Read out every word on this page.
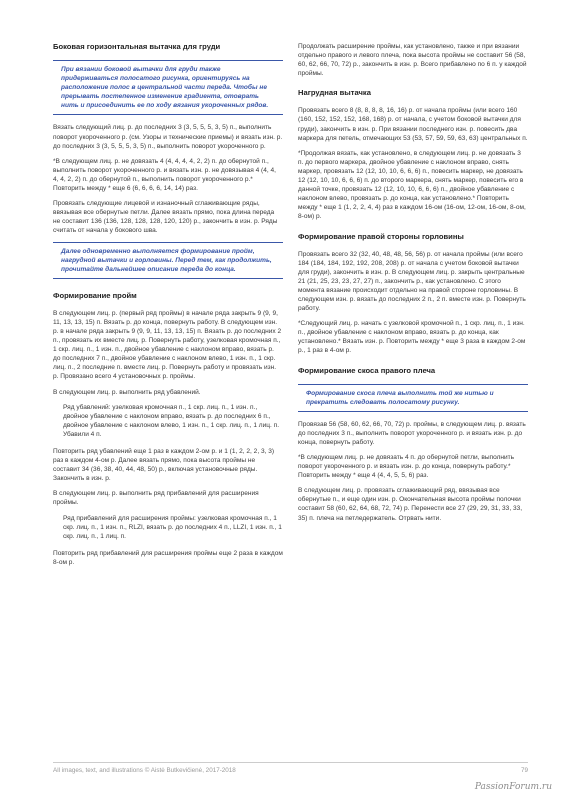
Боковая горизонтальная вытачка для груди

При вязании боковой вытачки для груди также придерживаться полосатого рисунка, ориентируясь на расположение полос в центральной части переда. Чтобы не прерывать постепенное изменение градиента, отоврать нить и присоединить ее по ходу вязания укороченных рядов.

Вязать следующий лиц. р. до последних 3 (3, 5, 5, 5, 3, 5) п., выполнить поворот укороченного р. (см. Узоры и технические приемы) и вязать изн. р. до последних 3 (3, 5, 5, 5, 3, 5) п., выполнить поворот укороченного р.

*В следующем лиц. р. не довязать 4 (4, 4, 4, 4, 2, 2) п. до обернутой п., выполнить поворот укороченного р. и вязать изн. р. не довязывая 4 (4, 4, 4, 4, 2, 2) п. до обернутой п., выполнить поворот укороченного р.* Повторить между * еще 6 (6, 6, 6, 6, 14, 14) раз.

Провязать следующие лицевой и изнаночный сглаживающие ряды, ввязывая все обернутые петли. Далее вязать прямо, пока длина переда не составит 136 (136, 128, 128, 128, 120, 120) р., закончить в изн. р. Ряды считать от начала у бокового шва.

Далее одновременно выполняется формирование пройм, нагрудной вытачки и горловины. Перед тем, как продолжить, прочитайте дальнейшее описание переда до конца.

Формирование пройм

В следующем лиц. р. (первый ряд проймы) в начале ряда закрыть 9 (9, 9, 11, 13, 13, 15) п. Вязать р. до конца, повернуть работу. В следующем изн. р. в начале ряда закрыть 9 (9, 9, 11, 13, 13, 15) п. Вязать р. до последних 2 п., провязать их вместе лиц. р. Повернуть работу, узелковая кромочная п., 1 скр. лиц. п., 1 изн. п., двойное убавление с наклоном вправо, вязать р. до последних 7 п., двойное убавление с наклоном влево, 1 изн. п., 1 скр. лиц. п., 2 последние п. вместе лиц. р. Повернуть работу и провязать изн. р. Провязано всего 4 установочных р. проймы.

В следующем лиц. р. выполнить ряд убавлений.

Ряд убавлений: узелковая кромочная п., 1 скр. лиц. п., 1 изн. п., двойное убавление с наклоном вправо, вязать р. до последних 6 п., двойное убавление с наклоном влево, 1 изн. п., 1 скр. лиц. п., 1 лиц. п. Убавили 4 п.

Повторить ряд убавлений еще 1 раз в каждом 2-ом р. и 1 (1, 2, 2, 2, 3, 3) раз в каждом 4-ом р. Далее вязать прямо, пока высота проймы не составит 34 (36, 38, 40, 44, 48, 50) р., включая установочные ряды. Закончить в изн. р.

В следующем лиц. р. выполнить ряд прибавлений для расширения проймы.

Ряд прибавлений для расширения проймы: узелковая кромочная п., 1 скр. лиц. п., 1 изн. п., RLZI, вязать р. до последних 4 п., LLZI, 1 изн. п., 1 скр. лиц. п., 1 лиц. п.

Повторить ряд прибавлений для расширения проймы еще 2 раза в каждом 8-ом р.

Продолжать расширение проймы, как установлено, также и при вязании отдельно правого и левого плеча, пока высота проймы не составит 56 (58, 60, 62, 66, 70, 72) р., закончить в изн. р. Всего прибавлено по 6 п. у каждой проймы.

Нагрудная вытачка

Провязать всего 8 (8, 8, 8, 8, 16, 16) р. от начала проймы (или всего 160 (160, 152, 152, 152, 168, 168) р. от начала, с учетом боковой вытачки для груди), закончить в изн. р. При вязании последнего изн. р. повесить два маркера для петель, отмечающих 53 (53, 57, 59, 59, 63, 63) центральных п.

*Продолжая вязать, как установлено, в следующем лиц. р. не довязать 3 п. до первого маркера, двойное убавление с наклоном вправо, снять маркер, провязать 12 (12, 10, 10, 6, 6, 6) п., повесить маркер, не довязать 12 (12, 10, 10, 6, 6, 6) п. до второго маркера, снять маркер, повесить его в данной точке, провязать 12 (12, 10, 10, 6, 6, 6) п., двойное убавление с наклоном влево, провязать р. до конца, как установлено.* Повторить между * еще 1 (1, 2, 2, 4, 4) раз в каждом 16-ом (16-ом, 12-ом, 16-ом, 8-ом, 8-ом) р.

Формирование правой стороны горловины

Провязать всего 32 (32, 40, 48, 48, 56, 56) р. от начала проймы (или всего 184 (184, 184, 192, 192, 208, 208) р. от начала с учетом боковой вытачки для груди), закончить в изн. р. В следующем лиц. р. закрыть центральные 21 (21, 25, 23, 23, 27, 27) п., закончить р., как установлено. С этого момента вязание происходит отдельно на правой стороне горловины. В следующем изн. р. вязать до последних 2 п., 2 п. вместе изн. р. Повернуть работу.

*Следующий лиц. р. начать с узелковой кромочной п., 1 скр. лиц. п., 1 изн. п., двойное убавление с наклоном вправо, вязать р. до конца, как установлено.* Вязать изн. р. Повторить между * еще 3 раза в каждом 2-ом р., 1 раз в 4-ом р.

Формирование скоса правого плеча

Формирование скоса плеча выполнить той же нитью и прекратить следовать полосатому рисунку.

Провязав 56 (58, 60, 62, 66, 70, 72) р. проймы, в следующем лиц. р. вязать до последних 3 п., выполнить поворот укороченного р. и вязать изн. р. до конца, повернуть работу.

*В следующем лиц. р. не довязать 4 п. до обернутой петли, выполнить поворот укороченного р. и вязать изн. р. до конца, повернуть работу.* Повторить между * еще 4 (4, 4, 5, 5, 6) раз.

В следующем лиц. р. провязать сглаживающий ряд, ввязывая все обернутые п., и еще один изн. р. Окончательная высота проймы полочки составит 58 (60, 62, 64, 68, 72, 74) р. Перенести все 27 (29, 29, 31, 33, 33, 35) п. плеча на петледержатель. Отрвать нити.

All images, text, and illustrations © Aistė Butkevičienė, 2017-2018	79
PassionForum.ru
